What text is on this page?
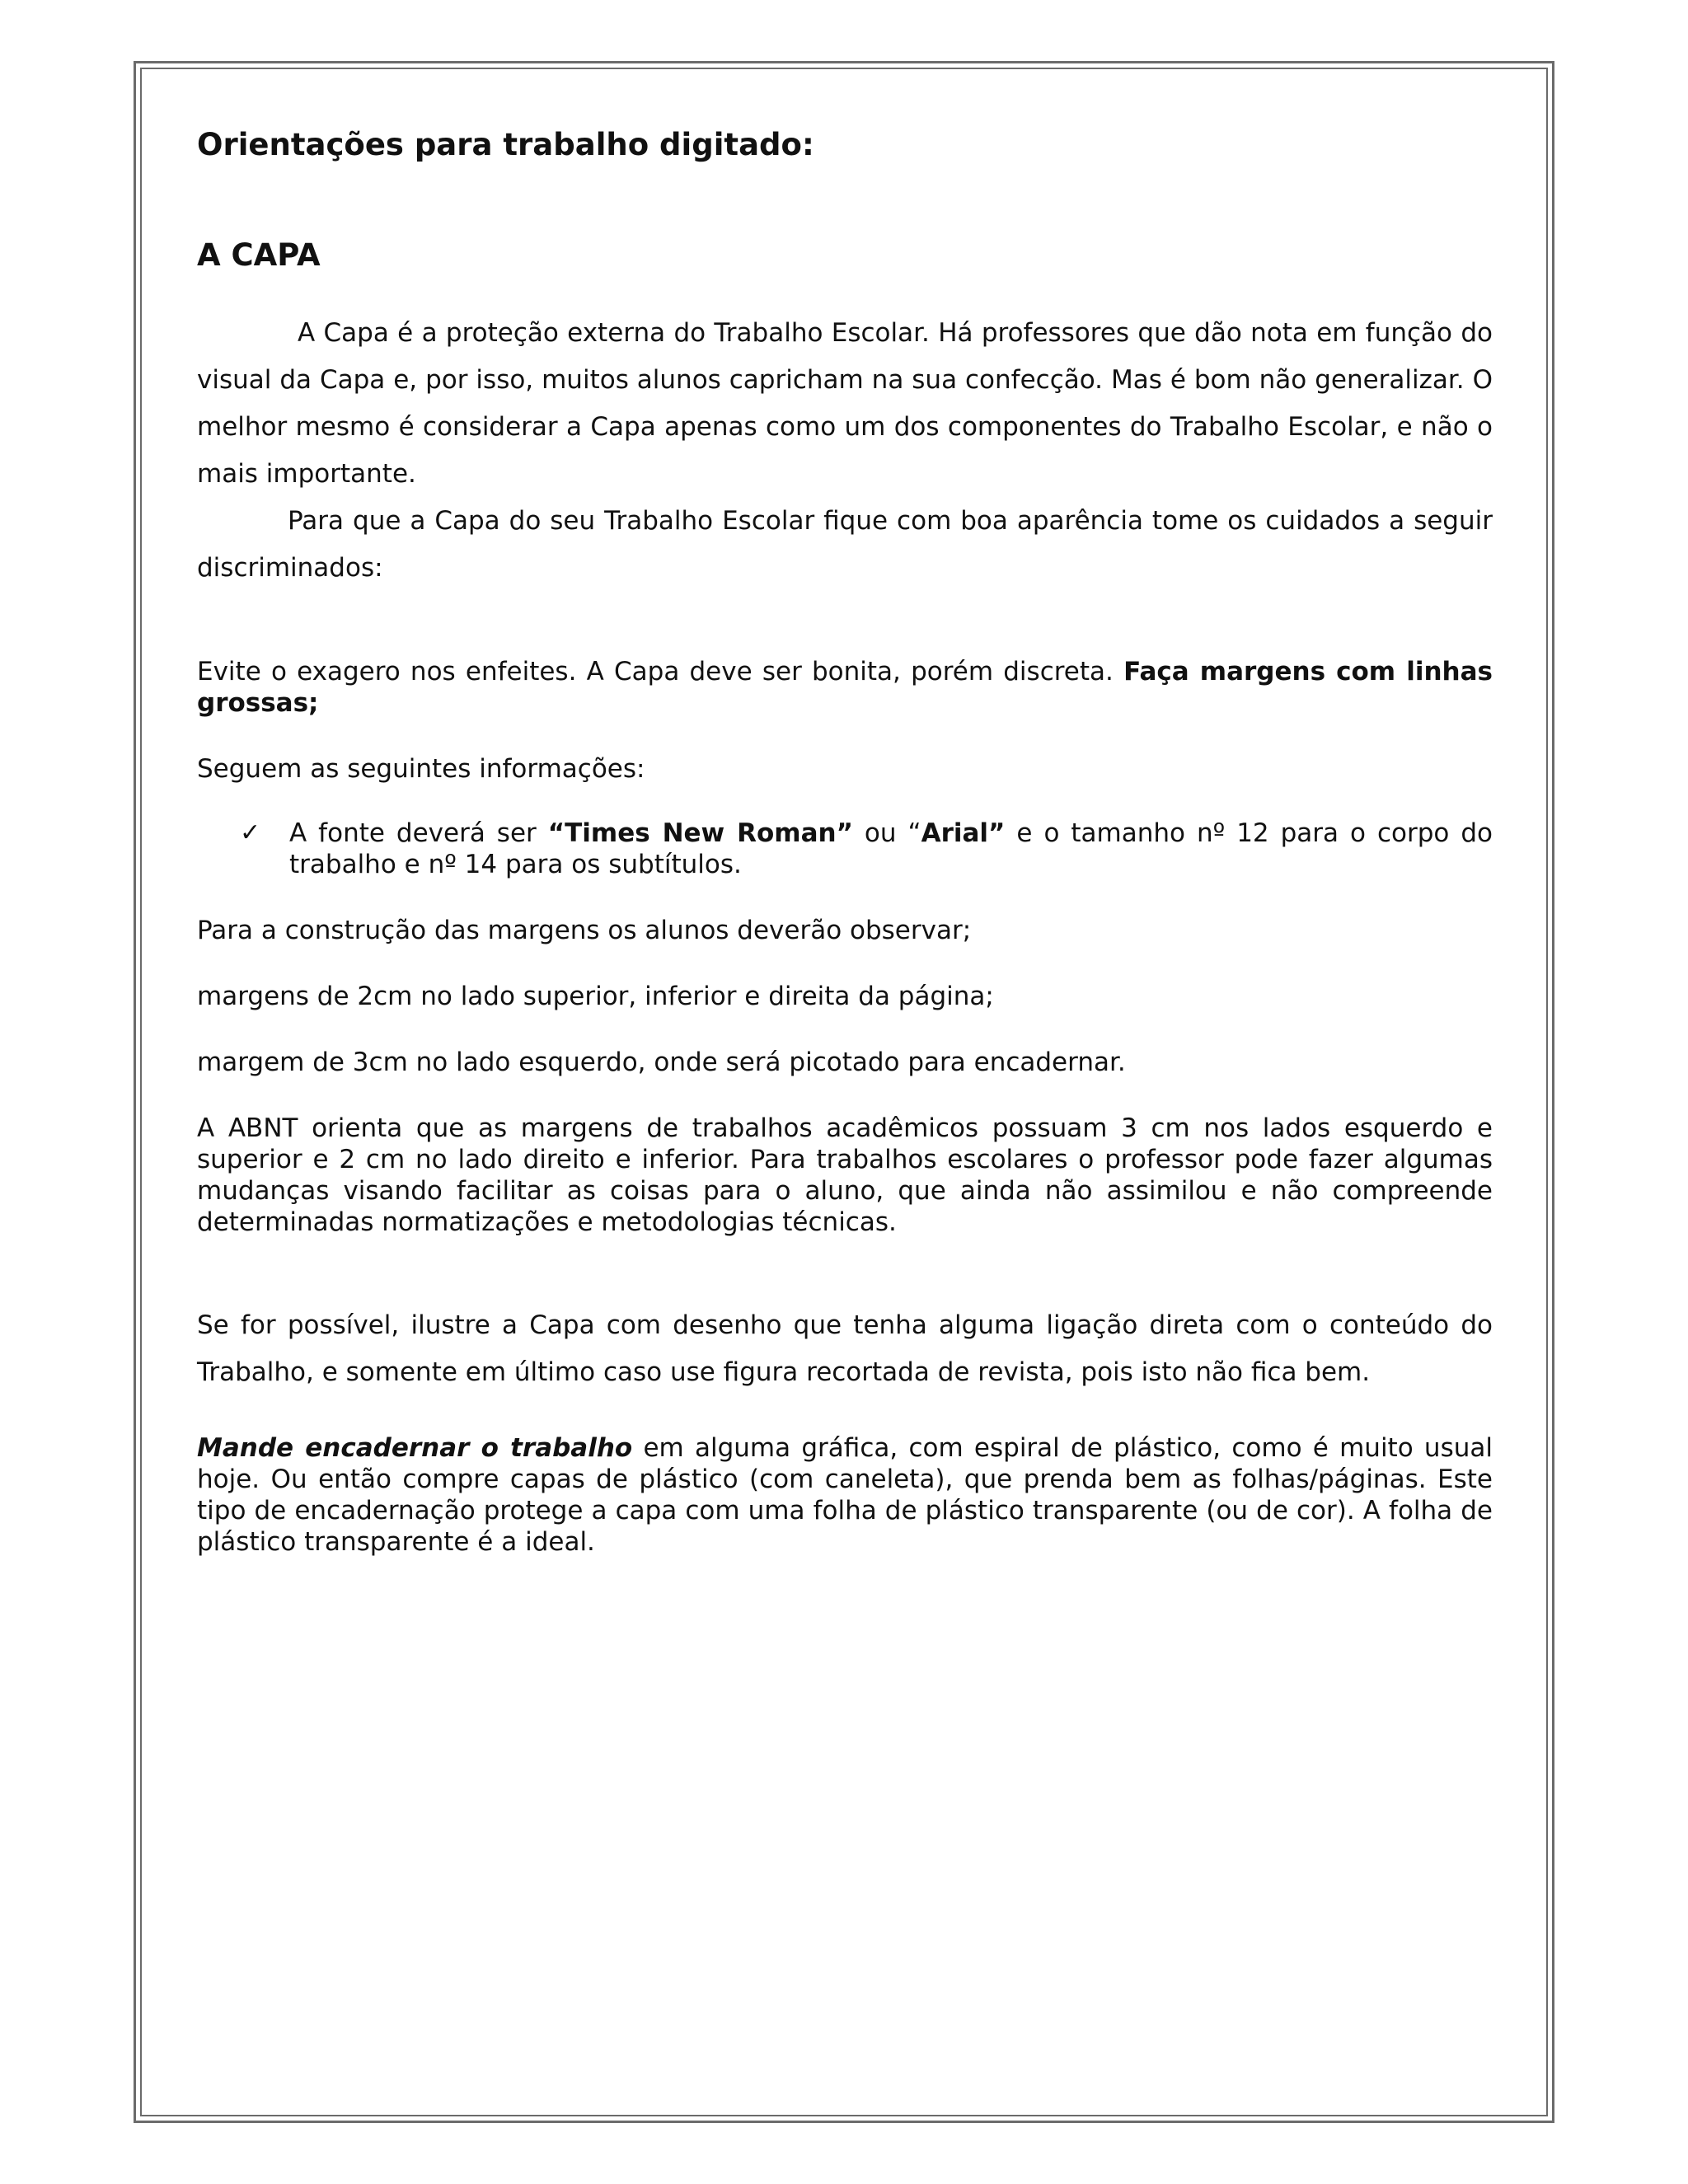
Orientações para trabalho digitado:
A CAPA

A Capa é a proteção externa do Trabalho Escolar. Há professores que dão nota em função do visual da Capa e, por isso, muitos alunos capricham na sua confecção. Mas é bom não generalizar. O melhor mesmo é considerar a Capa apenas como um dos componentes do Trabalho Escolar, e não o mais importante.

Para que a Capa do seu Trabalho Escolar fique com boa aparência tome os cuidados a seguir discriminados:

Evite o exagero nos enfeites. A Capa deve ser bonita, porém discreta. Faça margens com linhas grossas;

Seguem as seguintes informações:

✓ A fonte deverá ser “Times New Roman” ou “Arial” e o tamanho nº 12 para o corpo do trabalho e nº 14 para os subtítulos.

Para a construção das margens os alunos deverão observar;

margens de 2cm no lado superior, inferior e direita da página;

margem de 3cm no lado esquerdo, onde será picotado para encadernar.

A ABNT orienta que as margens de trabalhos acadêmicos possuam 3 cm nos lados esquerdo e superior e 2 cm no lado direito e inferior. Para trabalhos escolares o professor pode fazer algumas mudanças visando facilitar as coisas para o aluno, que ainda não assimilou e não compreende determinadas normatizações e metodologias técnicas.

Se for possível, ilustre a Capa com desenho que tenha alguma ligação direta com o conteúdo do Trabalho, e somente em último caso use figura recortada de revista, pois isto não fica bem.

Mande encadernar o trabalho em alguma gráfica, com espiral de plástico, como é muito usual hoje. Ou então compre capas de plástico (com caneleta), que prenda bem as folhas/páginas. Este tipo de encadernação protege a capa com uma folha de plástico transparente (ou de cor). A folha de plástico transparente é a ideal.
